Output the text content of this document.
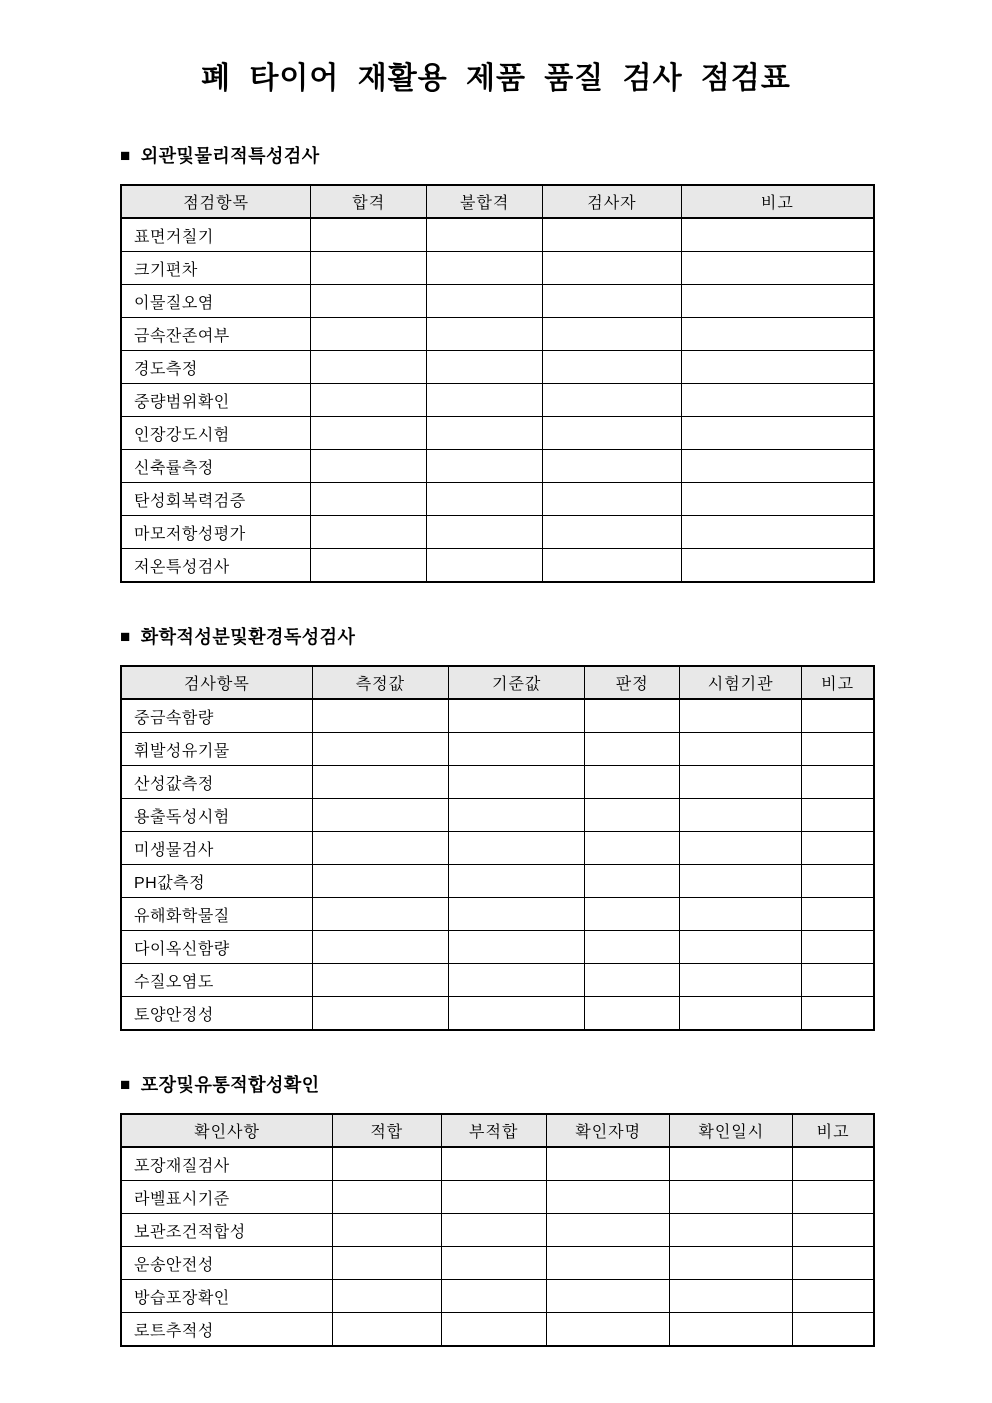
폐 타이어 재활용 제품 품질 검사 점검표
■ 외관및물리적특성검사
점검항목	합격	불합격	검사자	비고
표면거칠기				
크기편차				
이물질오염				
금속잔존여부				
경도측정				
중량범위확인				
인장강도시험				
신축률측정				
탄성회복력검증				
마모저항성평가				
저온특성검사				
■ 화학적성분및환경독성검사
검사항목	측정값	기준값	판정	시험기관	비고
중금속함량					
휘발성유기물					
산성값측정					
용출독성시험					
미생물검사					
PH값측정					
유해화학물질					
다이옥신함량					
수질오염도					
토양안정성					
■ 포장및유통적합성확인
확인사항	적합	부적합	확인자명	확인일시	비고
포장재질검사					
라벨표시기준					
보관조건적합성					
운송안전성					
방습포장확인					
로트추적성					
